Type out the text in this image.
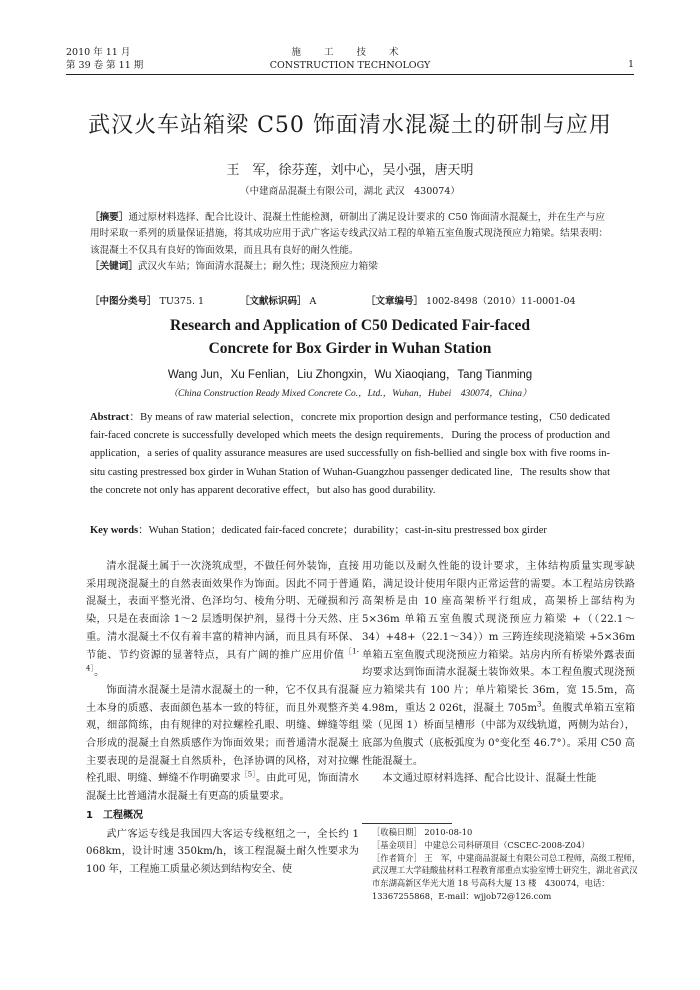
2010 年 11 月
第 39 卷 第 11 期
施 工 技 术
CONSTRUCTION TECHNOLOGY	1
武汉火车站箱梁 C50 饰面清水混凝土的研制与应用
王　军，徐芬莲，刘中心，吴小强，唐天明
（中建商品混凝土有限公司，湖北 武汉　430074）
［摘要］通过原材料选择、配合比设计、混凝土性能检测，研制出了满足设计要求的 C50 饰面清水混凝土，并在生产与应用时采取一系列的质量保证措施，将其成功应用于武广客运专线武汉站工程的单箱五室鱼腹式现浇预应力箱梁。结果表明：该混凝土不仅具有良好的饰面效果，而且具有良好的耐久性能。
［关键词］武汉火车站；饰面清水混凝土；耐久性；现浇预应力箱梁
［中图分类号］ TU375. 1	［文献标识码］ A	［文章编号］ 1002-8498（2010）11-0001-04
Research and Application of C50 Dedicated Fair-faced
Concrete for Box Girder in Wuhan Station
Wang Jun，Xu Fenlian，Liu Zhongxin，Wu Xiaoqiang，Tang Tianming
（China Construction Ready Mixed Concrete Co.，Ltd.，Wuhan，Hubei　430074，China）
Abstract：By means of raw material selection，concrete mix proportion design and performance testing，C50 dedicated fair-faced concrete is successfully developed which meets the design requirements．During the process of production and application，a series of quality assurance measures are used successfully on fish-bellied and single box with five rooms in-situ casting prestressed box girder in Wuhan Station of Wuhan-Guangzhou passenger dedicated line．The results show that the concrete not only has apparent decorative effect，but also has good durability.
Key words：Wuhan Station；dedicated fair-faced concrete；durability；cast-in-situ prestressed box girder

清水混凝土属于一次浇筑成型，不做任何外装饰，直接采用现浇混凝土的自然表面效果作为饰面。因此不同于普通混凝土，表面平整光滑、色泽均匀、棱角分明、无碰损和污染，只是在表面涂 1～2 层透明保护剂，显得十分天然、庄重。清水混凝土不仅有着丰富的精神内涵，而且具有环保、节能、节约资源的显著特点，具有广阔的推广应用价值$^{[1-4]}$。

饰面清水混凝土是清水混凝土的一种，它不仅具有混凝土本身的质感、表面颜色基本一致的特征，而且外观整齐美观，细部简练，由有规律的对拉螺栓孔眼、明缝、蝉缝等组合形成的混凝土自然质感作为饰面效果；而普通清水混凝土主要表现的是混凝土自然质朴，色泽协调的风格，对对拉螺栓孔眼、明缝、蝉缝不作明确要求$^{[5]}$。由此可见，饰面清水混凝土比普通清水混凝土有更高的质量要求。

1　工程概况

武广客运专线是我国四大客运专线枢纽之一，全长约 1 068km，设计时速 350km/h，该工程混凝土耐久性要求为 100 年，工程施工质量必须达到结构安全、使

用功能以及耐久性能的设计要求，主体结构质量实现零缺陷，满足设计使用年限内正常运营的需要。本工程站房铁路高架桥是由 10 座高架桥平行组成，高架桥上部结构为 5×36m 单箱五室鱼腹式现浇预应力箱梁 +（（22.1～34）+48+（22.1～34））m 三跨连续现浇箱梁 +5×36m 单箱五室鱼腹式现浇预应力箱梁。站房内所有桥梁外露表面均要求达到饰面清水混凝土装饰效果。本工程鱼腹式现浇预应力箱梁共有 100 片；单片箱梁长 36m，宽 15.5m，高 4.98m，重达 2 026t，混凝土 $705m^3$。鱼腹式单箱五室箱梁（见图 1）桥面呈槽形（中部为双线轨道，两侧为站台），底部为鱼腹式（底板弧度为 0°变化至 46.7°）。采用 C50 高性能混凝土。

本文通过原材料选择、配合比设计、混凝土性能

［收稿日期］ 2010-08-10

［基金项目］ 中建总公司科研项目（CSCEC-2008-Z04）

［作者简介］ 王　军，中建商品混凝土有限公司总工程师，高级工程师，武汉理工大学硅酸盐材料工程教育部重点实验室博士研究生，湖北省武汉市东湖高新区华光大道 18 号高科大厦 13 楼　430074，电话：13367255868，E-mail：wjjob72@126.com
